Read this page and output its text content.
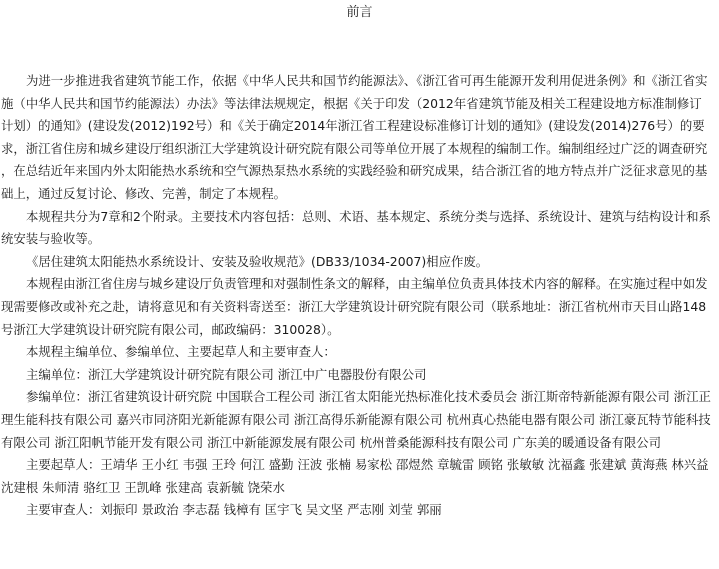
前言

为进一步推进我省建筑节能工作，依据《中华人民共和国节约能源法》、《浙江省可再生能源开发利用促进条例》和《浙江省实施（中华人民共和国节约能源法）办法》等法律法规规定，根据《关于印发（2012年省建筑节能及相关工程建设地方标准制修订计划）的通知》(建设发(2012)192号）和《关于确定2014年浙江省工程建设标准修订计划的通知》(建设发(2014)276号）的要求，浙江省住房和城乡建设厅组织浙江大学建筑设计研究院有限公司等单位开展了本规程的编制工作。编制组经过广泛的调查研究，在总结近年来国内外太阳能热水系统和空气源热泵热水系统的实践经验和研究成果，结合浙江省的地方特点并广泛征求意见的基础上，通过反复讨论、修改、完善，制定了本规程。

本规程共分为7章和2个附录。主要技术内容包括：总则、术语、基本规定、系统分类与选择、系统设计、建筑与结构设计和系统安装与验收等。

《居住建筑太阳能热水系统设计、安装及验收规范》(DB33/1034-2007)相应作废。

本规程由浙江省住房与城乡建设厅负责管理和对强制性条文的解释，由主编单位负责具体技术内容的解释。在实施过程中如发现需要修改或补充之赴，请将意见和有关资料寄送至：浙江大学建筑设计研究院有限公司（联系地址：浙江省杭州市天目山路148号浙江大学建筑设计研究院有限公司，邮政编码：310028）。

本规程主编单位、参编单位、主要起草人和主要审查人：

主编单位：浙江大学建筑设计研究院有限公司 浙江中广电器股份有限公司

参编单位：浙江省建筑设计研究院 中国联合工程公司 浙江省太阳能光热标准化技术委员会 浙江斯帝特新能源有限公司 浙江正理生能科技有限公司 嘉兴市同济阳光新能源有限公司 浙江高得乐新能源有限公司 杭州真心热能电器有限公司 浙江豪瓦特节能科技有限公司 浙江阳帆节能开发有限公司 浙江中新能源发展有限公司 杭州普桑能源科技有限公司 广东美的暖通设备有限公司

主要起草人：王靖华 王小红 韦强 王玲 何江 盛勤 汪波 张楠 易家松 邵煜然 章毓雷 顾铭 张敏敏 沈福鑫 张建斌 黄海燕 林兴益 沈建根 朱师清 骆红卫 王凯峰 张建高 袁新毓 饶荣水

主要审查人：刘振印 景政治 李志磊 钱樟有 匡宇飞 吴文坚 严志刚 刘莹 郭丽
